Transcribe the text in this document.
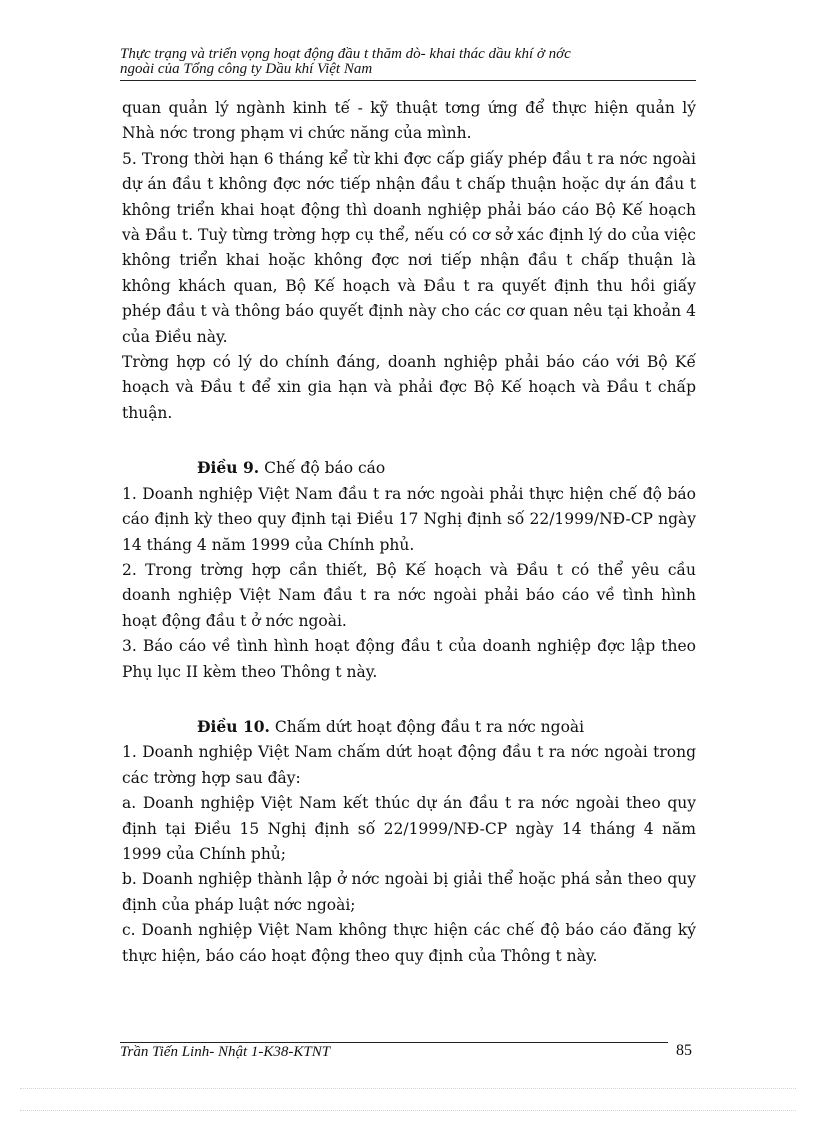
Thực trạng và triển vọng hoạt động đầu t thăm dò- khai thác dầu khí ở nớc
ngoài của Tổng công ty Dầu khí Việt Nam

quan quản lý ngành kinh tế - kỹ thuật tơng ứng để thực hiện quản lý Nhà nớc trong phạm vi chức năng của mình.

5. Trong thời hạn 6 tháng kể từ khi đợc cấp giấy phép đầu t ra nớc ngoài dự án đầu t không đợc nớc tiếp nhận đầu t chấp thuận hoặc dự án đầu t không triển khai hoạt động thì doanh nghiệp phải báo cáo Bộ Kế hoạch và Đầu t. Tuỳ từng trờng hợp cụ thể, nếu có cơ sở xác định lý do của việc không triển khai hoặc không đợc nơi tiếp nhận đầu t chấp thuận là không khách quan, Bộ Kế hoạch và Đầu t ra quyết định thu hồi giấy phép đầu t và thông báo quyết định này cho các cơ quan nêu tại khoản 4 của Điều này.

Trờng hợp có lý do chính đáng, doanh nghiệp phải báo cáo với Bộ Kế hoạch và Đầu t để xin gia hạn và phải đợc Bộ Kế hoạch và Đầu t chấp thuận.

Điều 9. Chế độ báo cáo

1. Doanh nghiệp Việt Nam đầu t ra nớc ngoài phải thực hiện chế độ báo cáo định kỳ theo quy định tại Điều 17 Nghị định số 22/1999/NĐ-CP ngày 14 tháng 4 năm 1999 của Chính phủ.

2. Trong trờng hợp cần thiết, Bộ Kế hoạch và Đầu t có thể yêu cầu doanh nghiệp Việt Nam đầu t ra nớc ngoài phải báo cáo về tình hình hoạt động đầu t ở nớc ngoài.

3. Báo cáo về tình hình hoạt động đầu t của doanh nghiệp đợc lập theo Phụ lục II kèm theo Thông t này.

Điều 10. Chấm dứt hoạt động đầu t ra nớc ngoài

1. Doanh nghiệp Việt Nam chấm dứt hoạt động đầu t ra nớc ngoài trong các trờng hợp sau đây:

a. Doanh nghiệp Việt Nam kết thúc dự án đầu t ra nớc ngoài theo quy định tại Điều 15 Nghị định số 22/1999/NĐ-CP ngày 14 tháng 4 năm 1999 của Chính phủ;

b. Doanh nghiệp thành lập ở nớc ngoài bị giải thể hoặc phá sản theo quy định của pháp luật nớc ngoài;

c. Doanh nghiệp Việt Nam không thực hiện các chế độ báo cáo đăng ký thực hiện, báo cáo hoạt động theo quy định của Thông t này.

Trần Tiến Linh- Nhật 1-K38-KTNT	85
